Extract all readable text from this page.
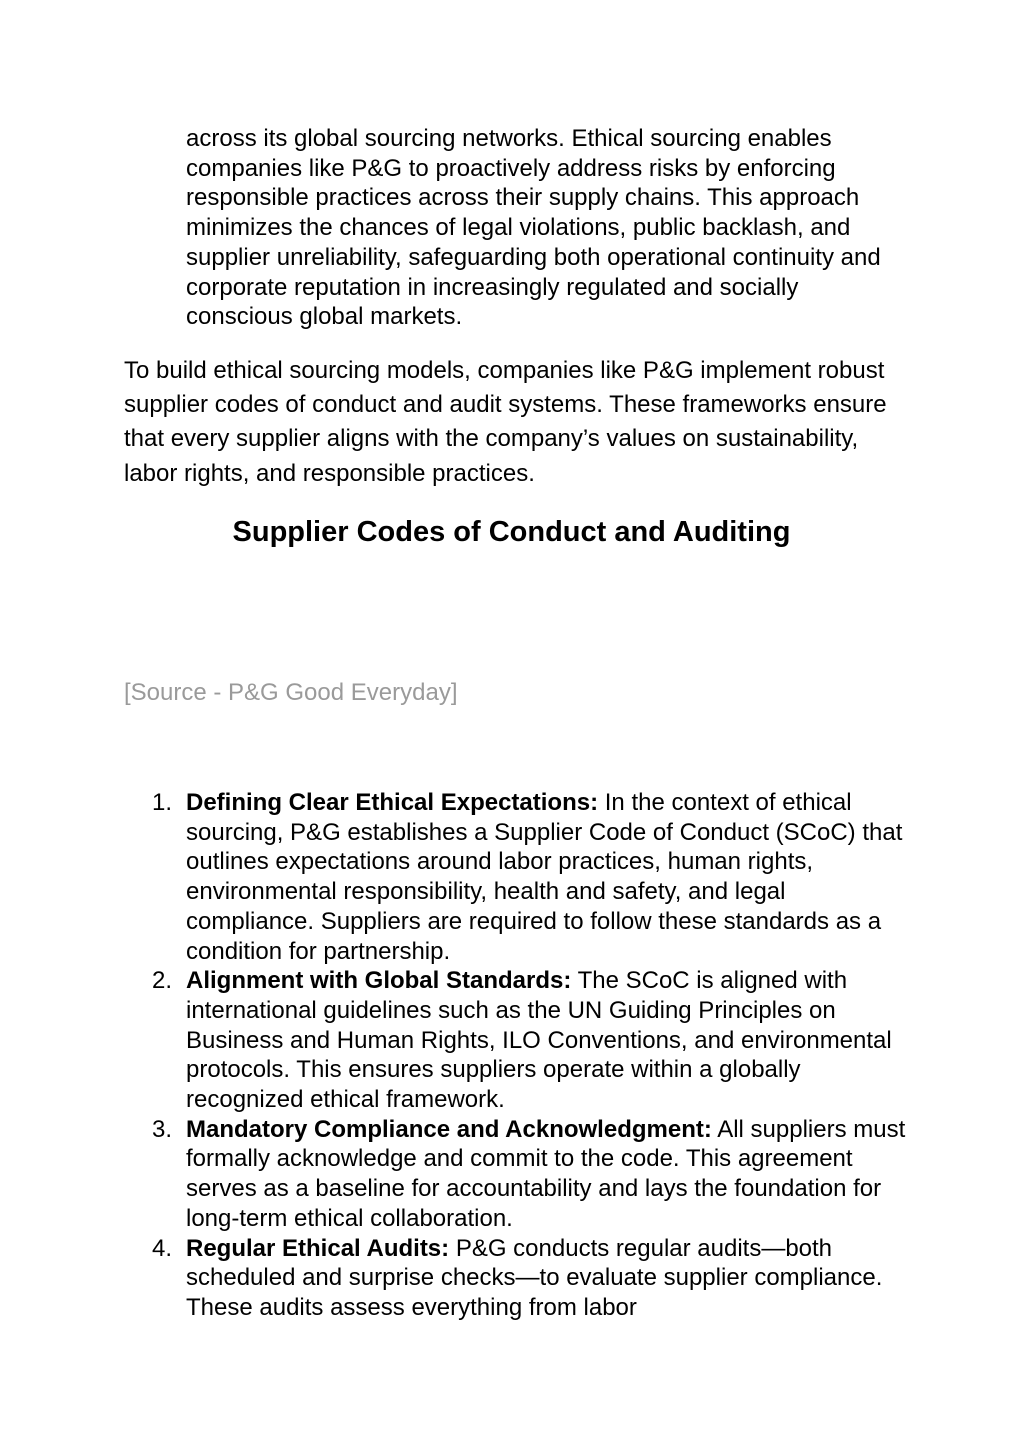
across its global sourcing networks. Ethical sourcing enables companies like P&G to proactively address risks by enforcing responsible practices across their supply chains. This approach minimizes the chances of legal violations, public backlash, and supplier unreliability, safeguarding both operational continuity and corporate reputation in increasingly regulated and socially conscious global markets.

To build ethical sourcing models, companies like P&G implement robust supplier codes of conduct and audit systems. These frameworks ensure that every supplier aligns with the company’s values on sustainability, labor rights, and responsible practices.

Supplier Codes of Conduct and Auditing
[Source - P&G Good Everyday]
1. Defining Clear Ethical Expectations: In the context of ethical sourcing, P&G establishes a Supplier Code of Conduct (SCoC) that outlines expectations around labor practices, human rights, environmental responsibility, health and safety, and legal compliance. Suppliers are required to follow these standards as a condition for partnership.
2. Alignment with Global Standards: The SCoC is aligned with international guidelines such as the UN Guiding Principles on Business and Human Rights, ILO Conventions, and environmental protocols. This ensures suppliers operate within a globally recognized ethical framework.
3. Mandatory Compliance and Acknowledgment: All suppliers must formally acknowledge and commit to the code. This agreement serves as a baseline for accountability and lays the foundation for long-term ethical collaboration.
4. Regular Ethical Audits: P&G conducts regular audits—both scheduled and surprise checks—to evaluate supplier compliance. These audits assess everything from labor
